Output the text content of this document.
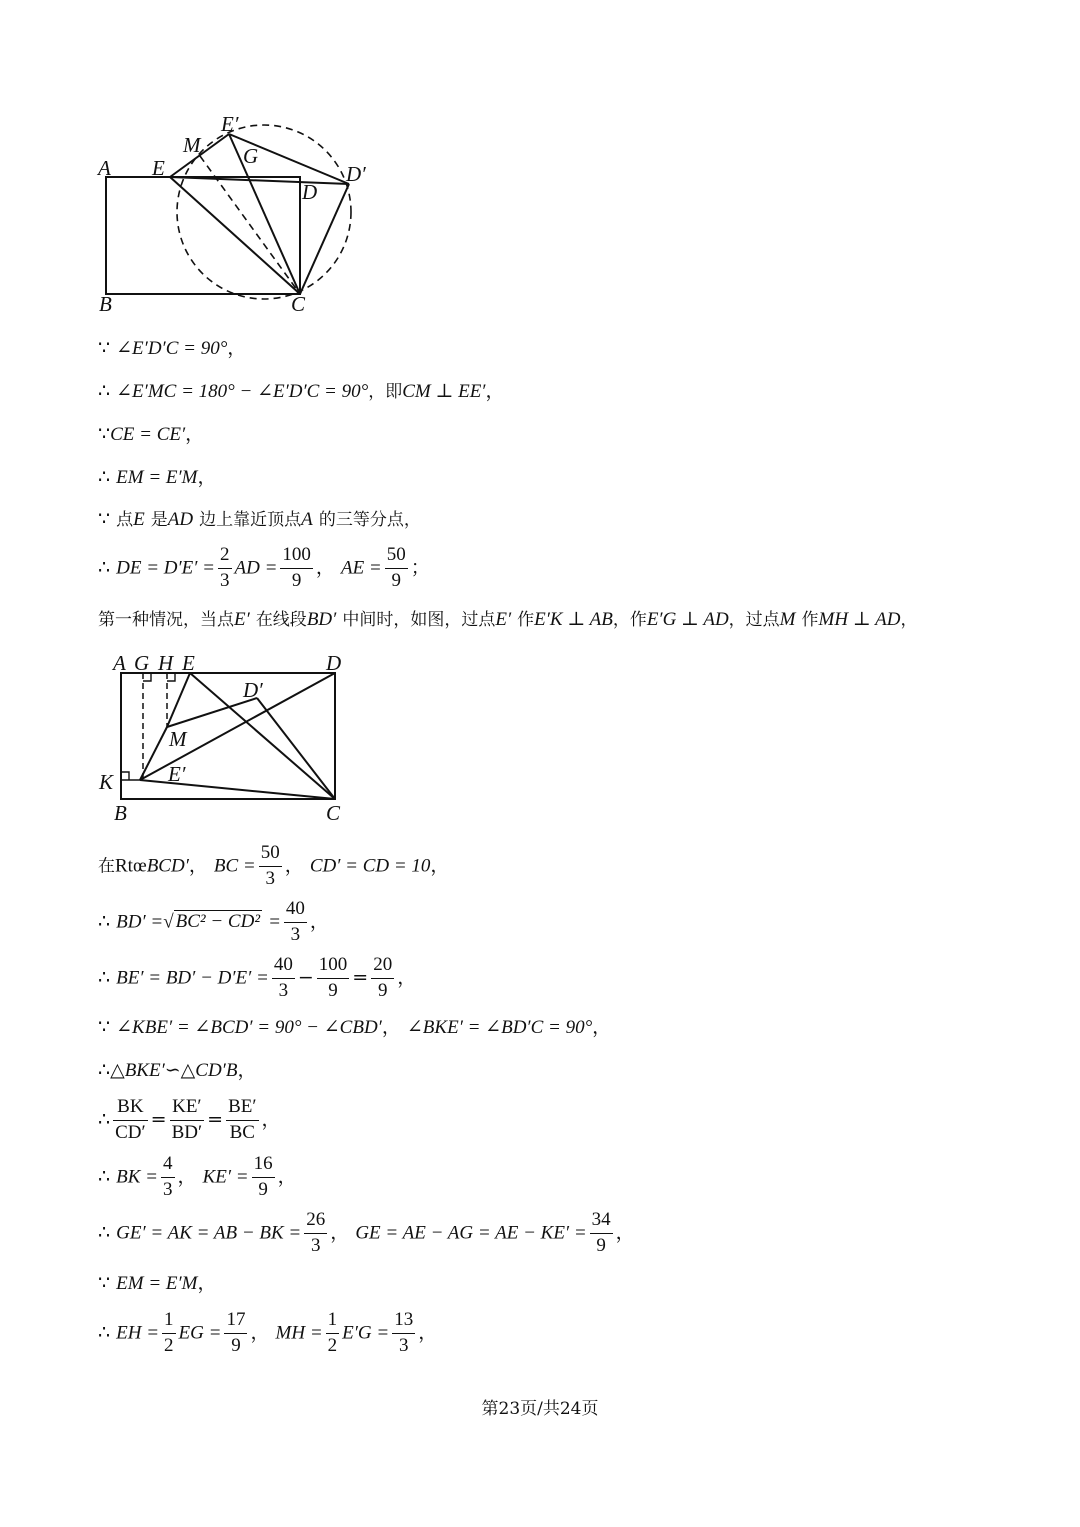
A E
M
E′
G
D
D′
B	C
∵ ∠E′D′C = 90°，
∴ ∠E′MC = 180° − ∠E′D′C = 90°，即CM ⊥ EE′，
∵CE = CE′，
∴ EM = E′M，
∵ 点E 是AD 边上靠近顶点A 的三等分点，
∴ DE = $D'E' = \frac{2}{3}$ AD = $\frac{100}{9}$ ， AE = $\frac{50}{9}$ ；
第一种情况，当点E′ 在线段BD′ 中间时，如图，过点E′ 作E′K ⊥ AB，作E′G ⊥ AD，过点M 作MH ⊥ AD，
A G H E	D
D′
M
K	E′
B	C
在RtœBCD′， BC = $\frac{50}{3}$ ， CD′ = CD = 10，
∴ BD′ =√ $BC^2 - CD^2 = \frac{40}{3}$ ，
∴ $BE' = BD' - D'E' = \frac{40}{3} - \frac{100}{9} = \frac{20}{9}$ ，
∵ ∠KBE′ = ∠BCD′ = 90° − ∠CBD′， ∠BKE′ = ∠BD′C = 90°，
∴△BKE′∽△CD′B，
∴ $\frac{BK}{CD'} = \frac{KE'}{BD'} = \frac{BE'}{BC}$ ，
∴ BK = $\frac{4}{3}$ ， $KE' = \frac{16}{9}$ ，
∴ GE′ = AK = AB − BK = $\frac{26}{3}$ ， GE = AE − AG = AE − $KE' = \frac{34}{9}$ ，
∵ EM = E′M，
∴ EH = $\frac{1}{2}$ EG = $\frac{17}{9}$ ， MH = $\frac{1}{2} E'G = \frac{13}{3}$ ，
第23页/共24页
